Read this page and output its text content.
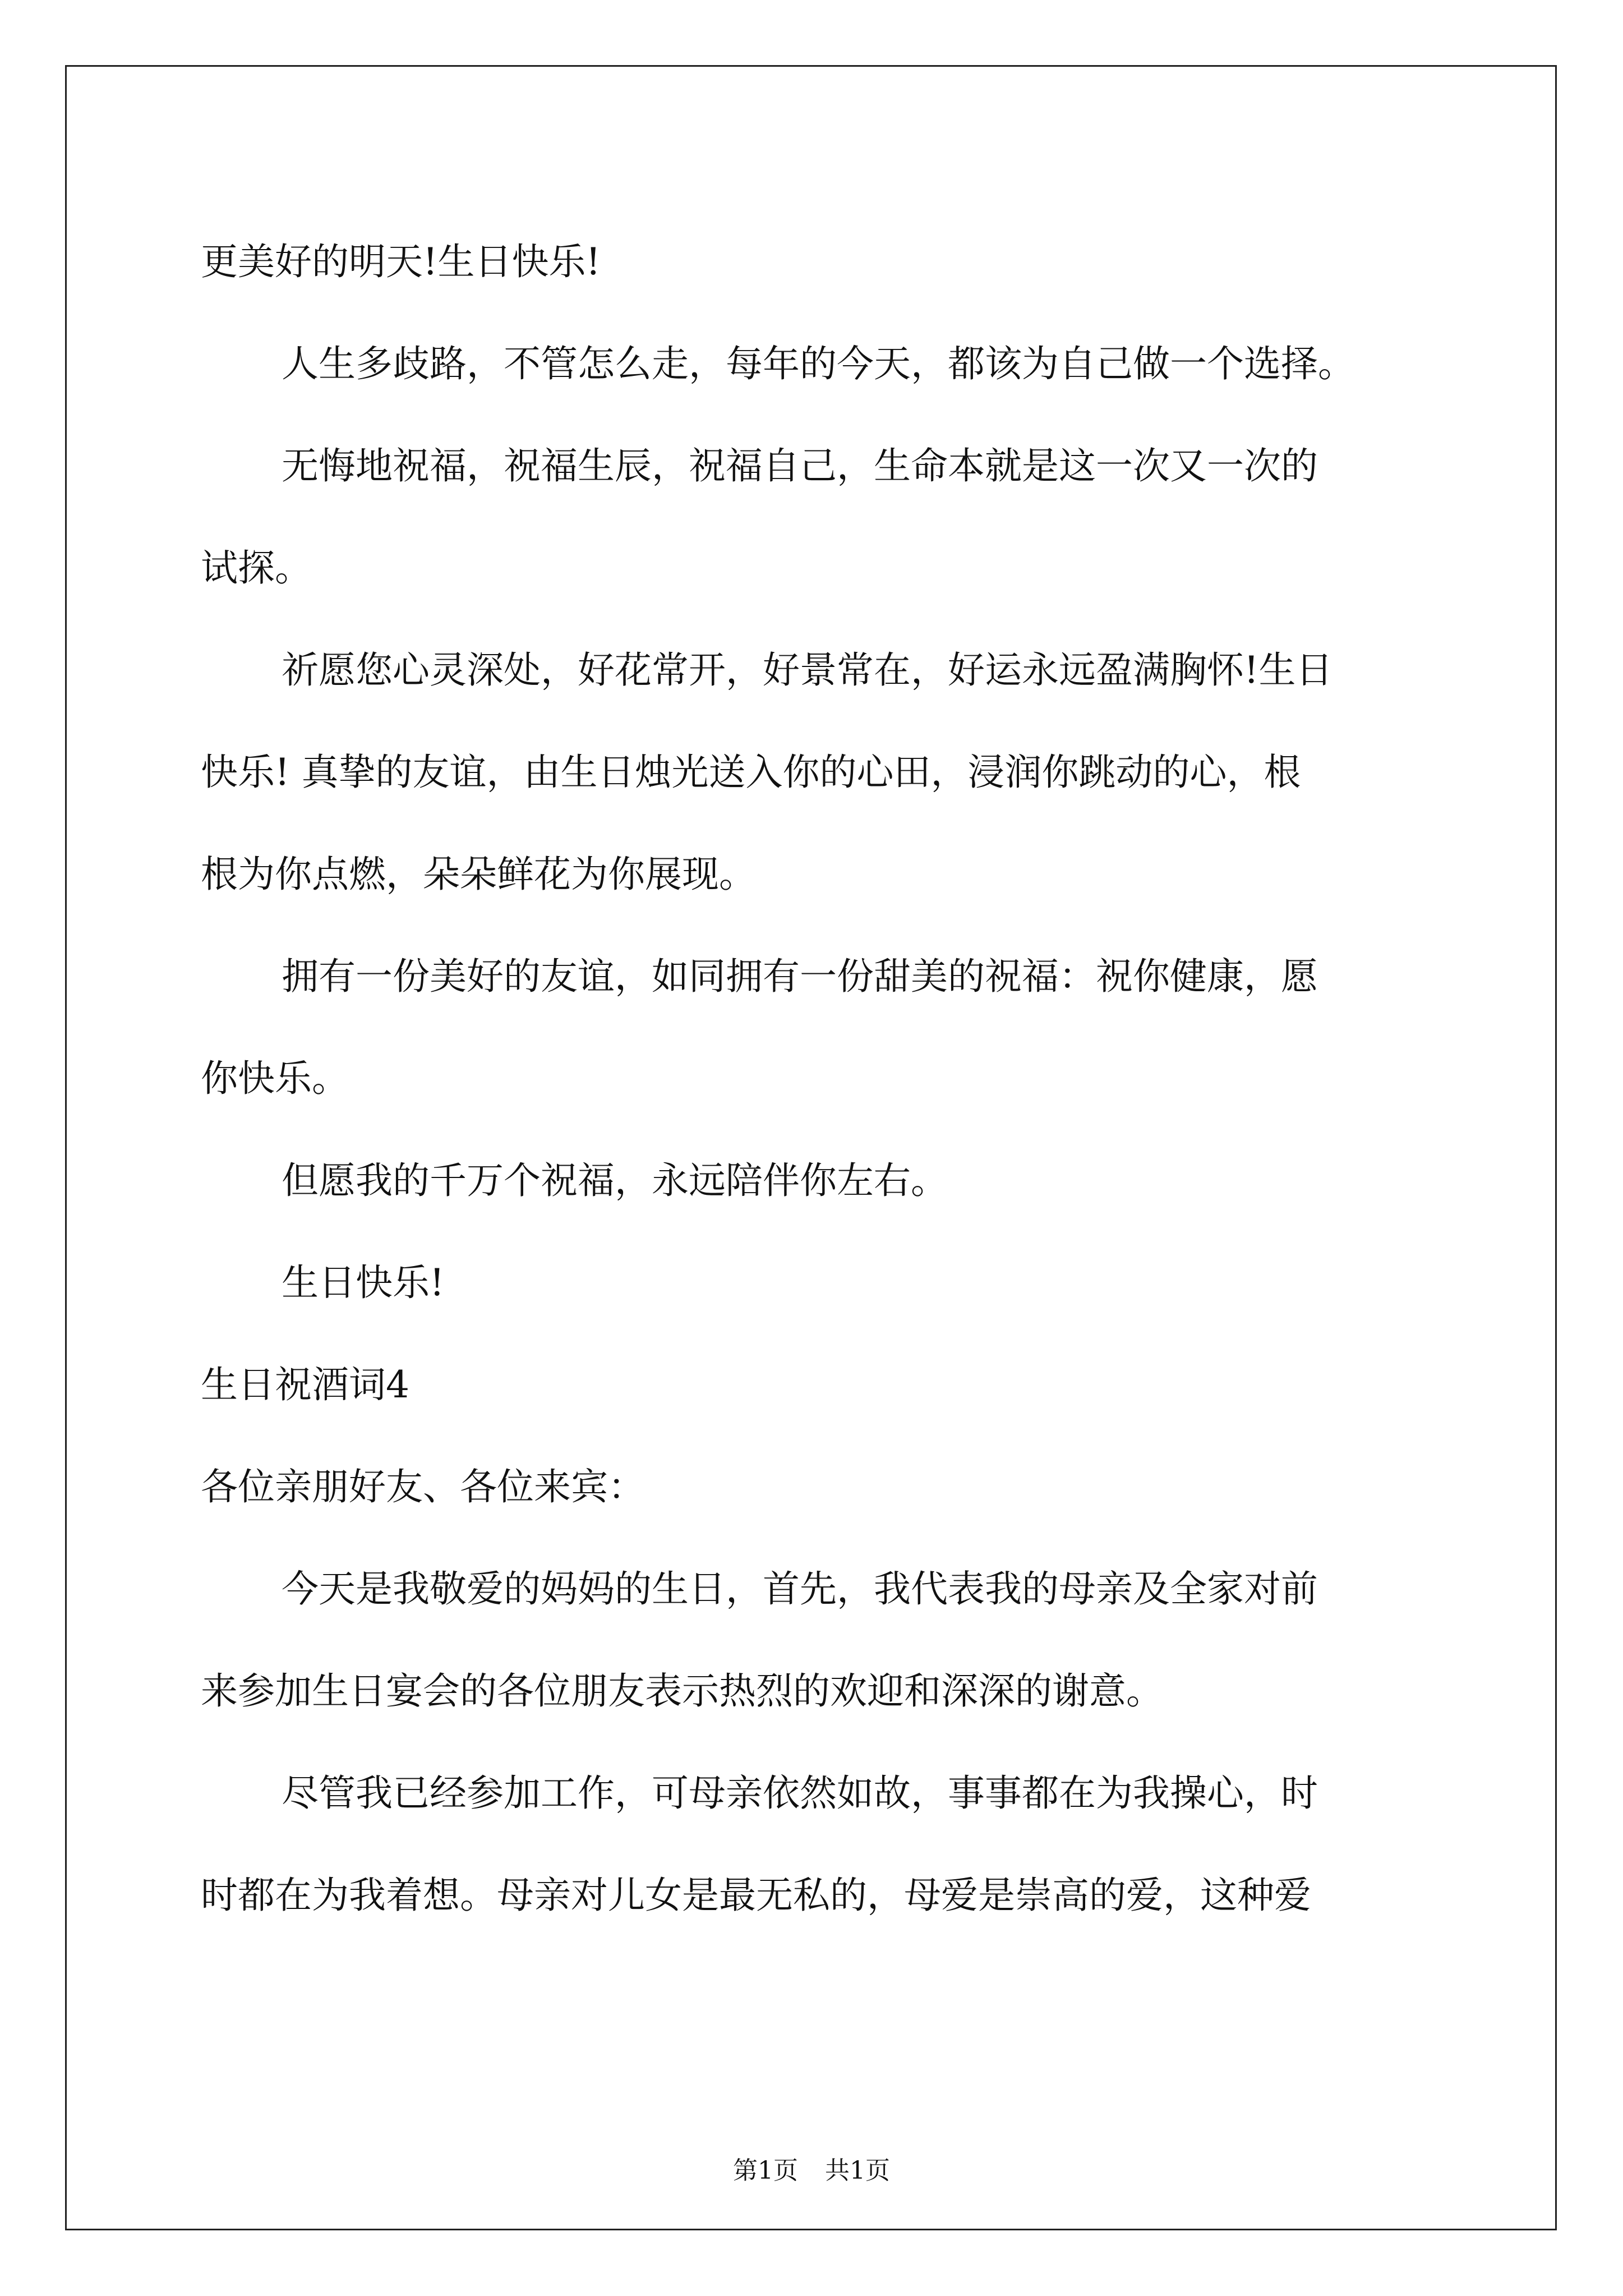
更美好的明天!生日快乐!
人生多歧路，不管怎么走，每年的今天，都该为自己做一个选择。
无悔地祝福，祝福生辰，祝福自己，生命本就是这一次又一次的
试探。
祈愿您心灵深处，好花常开，好景常在，好运永远盈满胸怀!生日
快乐! 真挚的友谊，由生日烛光送入你的心田，浸润你跳动的心，根
根为你点燃，朵朵鲜花为你展现。
拥有一份美好的友谊，如同拥有一份甜美的祝福：祝你健康，愿
你快乐。
但愿我的千万个祝福，永远陪伴你左右。
生日快乐!
生日祝酒词4
各位亲朋好友、各位来宾：
今天是我敬爱的妈妈的生日，首先，我代表我的母亲及全家对前
来参加生日宴会的各位朋友表示热烈的欢迎和深深的谢意。
尽管我已经参加工作，可母亲依然如故，事事都在为我操心，时
时都在为我着想。母亲对儿女是最无私的，母爱是崇高的爱，这种爱
第1页 共1页
